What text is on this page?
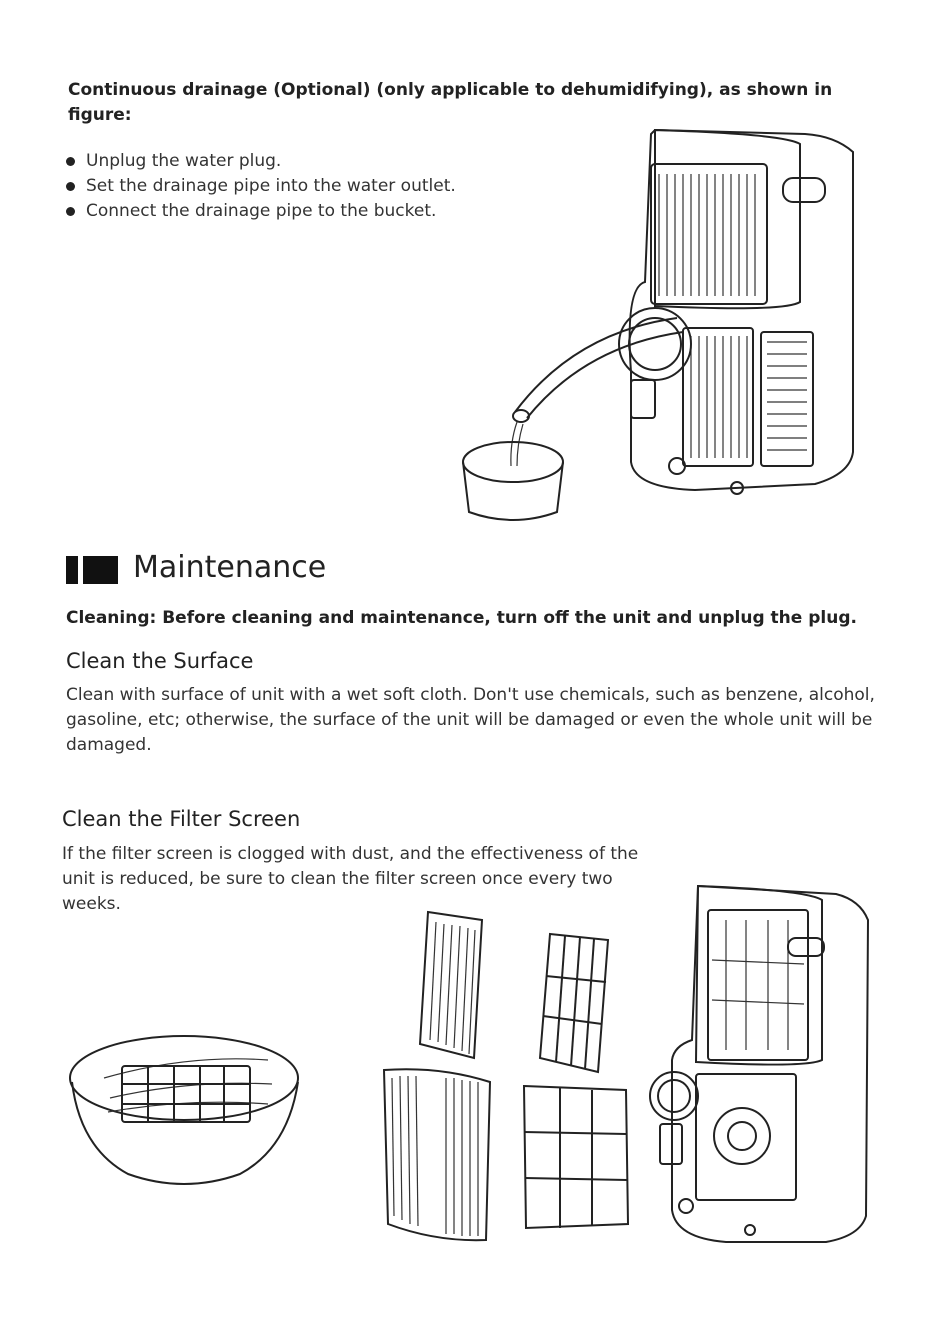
Continuous drainage (Optional) (only applicable to dehumidifying), as shown in figure:
Unplug the water plug.
Set the drainage pipe into the water outlet.
Connect the drainage pipe to the bucket.
Maintenance
Cleaning: Before cleaning and maintenance, turn off the unit and unplug the plug.
Clean the Surface
Clean with surface of unit with a wet soft cloth. Don't use chemicals, such as benzene, alcohol, gasoline, etc; otherwise, the surface of the unit will be damaged or even the whole unit will be damaged.
Clean the Filter Screen
If the filter screen is clogged with dust, and the effectiveness of the unit is reduced, be sure to clean the filter screen once every two weeks.
